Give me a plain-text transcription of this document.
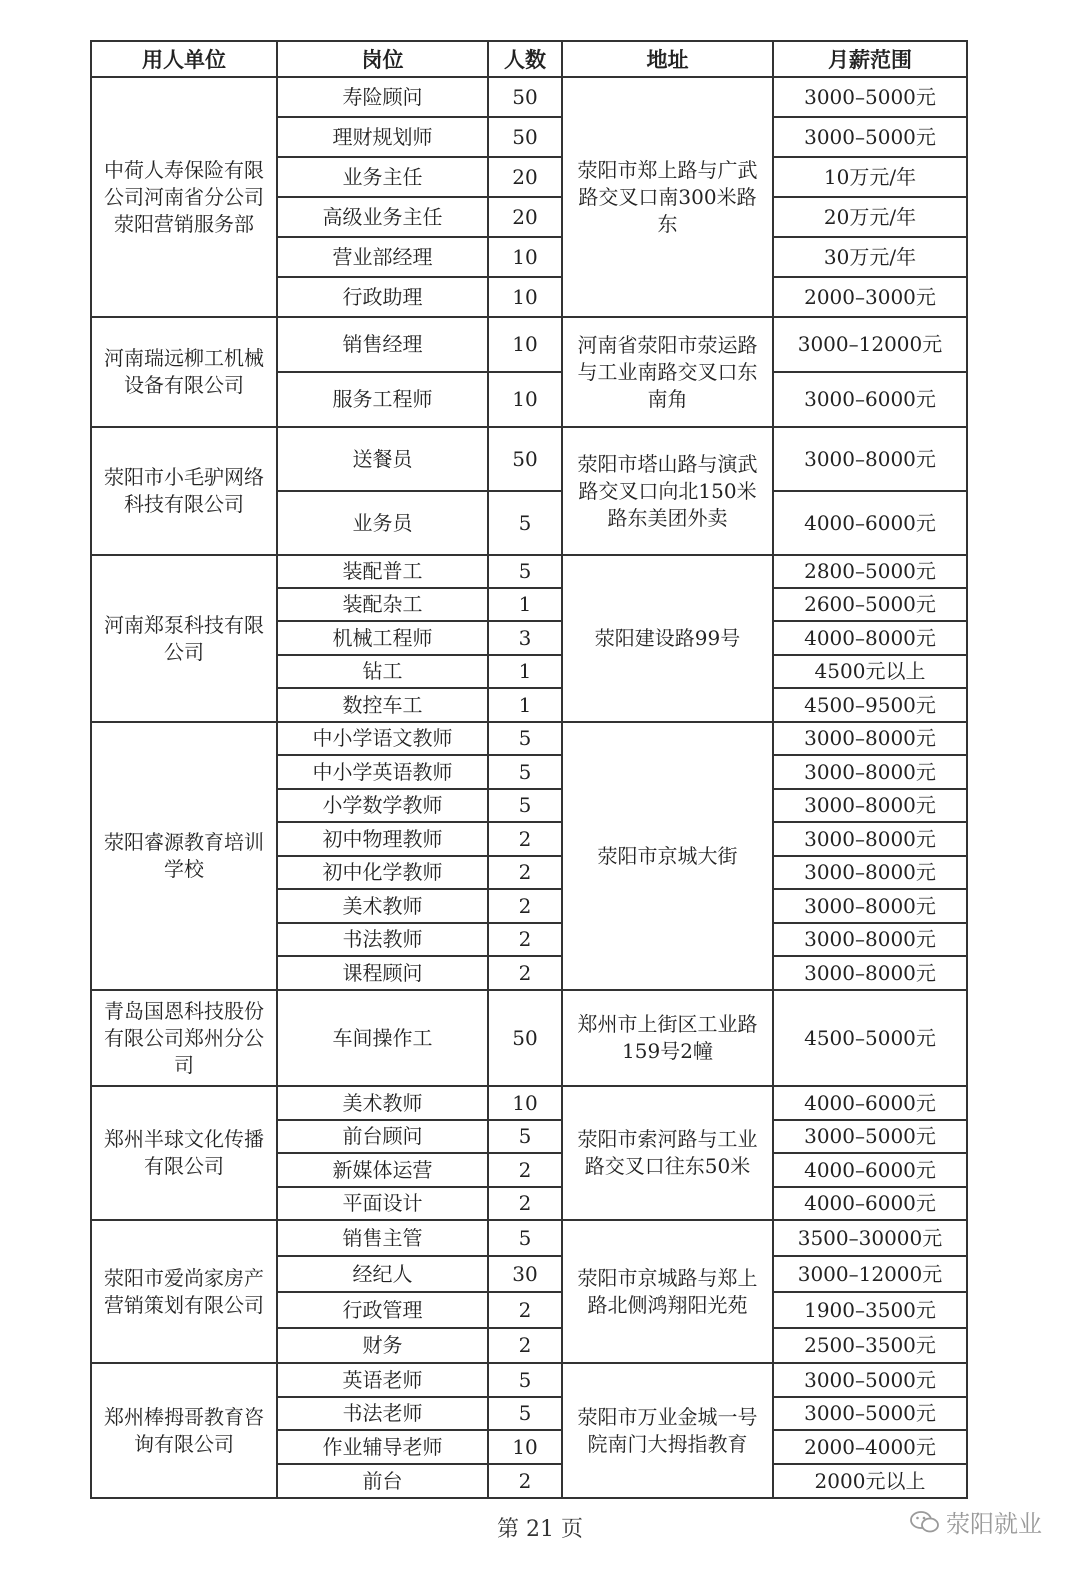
用人单位	岗位	人数	地址	月薪范围
中荷人寿保险有限公司河南省分公司荥阳营销服务部	寿险顾问	50	荥阳市郑上路与广武路交叉口南300米路东	3000–5000元
	理财规划师	50		3000–5000元
	业务主任	20		10万元/年
	高级业务主任	20		20万元/年
	营业部经理	10		30万元/年
	行政助理	10		2000–3000元
河南瑞远柳工机械设备有限公司	销售经理	10	河南省荥阳市荥运路与工业南路交叉口东南角	3000–12000元
	服务工程师	10		3000–6000元
荥阳市小毛驴网络科技有限公司	送餐员	50	荥阳市塔山路与演武路交叉口向北150米路东美团外卖	3000–8000元
	业务员	5		4000–6000元
河南郑泵科技有限公司	装配普工	5	荥阳建设路99号	2800–5000元
	装配杂工	1		2600–5000元
	机械工程师	3		4000–8000元
	钻工	1		4500元以上
	数控车工	1		4500–9500元
荥阳睿源教育培训学校	中小学语文教师	5	荥阳市京城大街	3000–8000元
	中小学英语教师	5		3000–8000元
	小学数学教师	5		3000–8000元
	初中物理教师	2		3000–8000元
	初中化学教师	2		3000–8000元
	美术教师	2		3000–8000元
	书法教师	2		3000–8000元
	课程顾问	2		3000–8000元
青岛国恩科技股份有限公司郑州分公司	车间操作工	50	郑州市上街区工业路159号2幢	4500–5000元
郑州半球文化传播有限公司	美术教师	10	荥阳市索河路与工业路交叉口往东50米	4000–6000元
	前台顾问	5		3000–5000元
	新媒体运营	2		4000–6000元
	平面设计	2		4000–6000元
荥阳市爱尚家房产营销策划有限公司	销售主管	5	荥阳市京城路与郑上路北侧鸿翔阳光苑	3500–30000元
	经纪人	30		3000–12000元
	行政管理	2		1900–3500元
	财务	2		2500–3500元
郑州棒拇哥教育咨询有限公司	英语老师	5	荥阳市万业金城一号院南门大拇指教育	3000–5000元
	书法老师	5		3000–5000元
	作业辅导老师	10		2000–4000元
	前台	2		2000元以上
第 21 页	荥阳就业
